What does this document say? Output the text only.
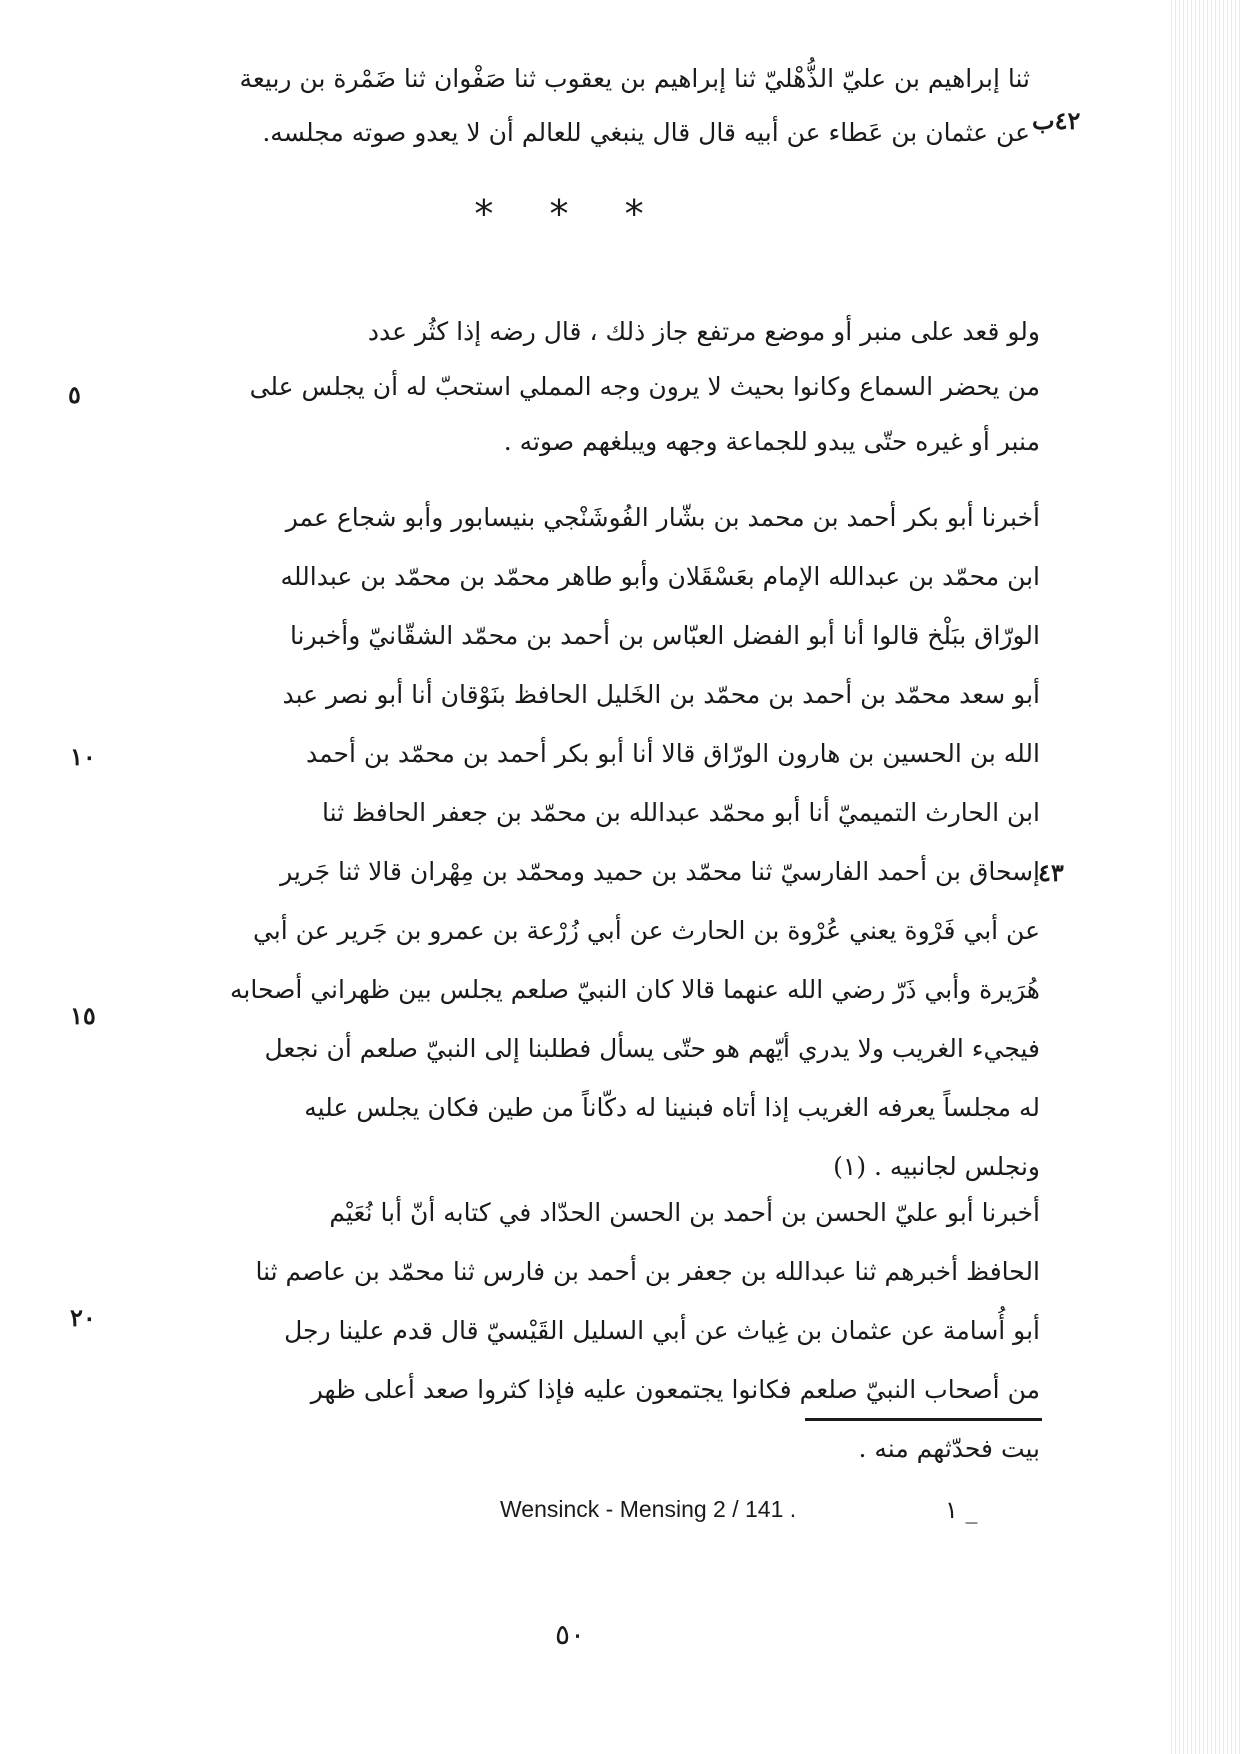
ثنا إبراهيم بن عليّ الذُّهْليّ ثنا إبراهيم بن يعقوب ثنا صَفْوان ثنا ضَمْرة بن ربيعة
عن عثمان بن عَطاء عن أبيه قال قال ينبغي للعالم أن لا يعدو صوته مجلسه. ٤٢ب
* * *
ولو قعد على منبر أو موضع مرتفع جاز ذلك ، قال رضه إذا كثُر عدد
من يحضر السماع وكانوا بحيث لا يرون وجه المملي استحبّ له أن يجلس على
منبر أو غيره حتّى يبدو للجماعة وجهه ويبلغهم صوته .
٥
أخبرنا أبو بكر أحمد بن محمد بن بشّار الفُوشَنْجي بنيسابور وأبو شجاع عمر
ابن محمّد بن عبدالله الإمام بعَسْقَلان وأبو طاهر محمّد بن محمّد بن عبدالله
الورّاق ببَلْخ قالوا أنا أبو الفضل العبّاس بن أحمد بن محمّد الشقّانيّ وأخبرنا
أبو سعد محمّد بن أحمد بن محمّد بن الخَليل الحافظ بنَوْقان أنا أبو نصر عبد
الله بن الحسين بن هارون الورّاق قالا أنا أبو بكر أحمد بن محمّد بن أحمد
ابن الحارث التميميّ أنا أبو محمّد عبدالله بن محمّد بن جعفر الحافظ ثنا
إسحاق بن أحمد الفارسيّ ثنا محمّد بن حميد ومحمّد بن مِهْران قالا ثنا جَرير
عن أبي فَرْوة يعني عُرْوة بن الحارث عن أبي زُرْعة بن عمرو بن جَرير عن أبي
هُرَيرة وأبي ذَرّ رضي الله عنهما قالا كان النبيّ صلعم يجلس بين ظهراني أصحابه
فيجيء الغريب ولا يدري أيّهم هو حتّى يسأل فطلبنا إلى النبيّ صلعم أن نجعل
له مجلساً يعرفه الغريب إذا أتاه فبنينا له دكّاناً من طين فكان يجلس عليه
ونجلس لجانبيه . (١)
١٠
٤٣
١٥
أخبرنا أبو عليّ الحسن بن أحمد بن الحسن الحدّاد في كتابه أنّ أبا نُعَيْم
الحافظ أخبرهم ثنا عبدالله بن جعفر بن أحمد بن فارس ثنا محمّد بن عاصم ثنا
أبو أُسامة عن عثمان بن غِياث عن أبي السليل القَيْسيّ قال قدم علينا رجل
من أصحاب النبيّ صلعم فكانوا يجتمعون عليه فإذا كثروا صعد أعلى ظهر
بيت فحدّثهم منه .
٢٠
١ _
Wensinck - Mensing 2 / 141 .
٥٠
